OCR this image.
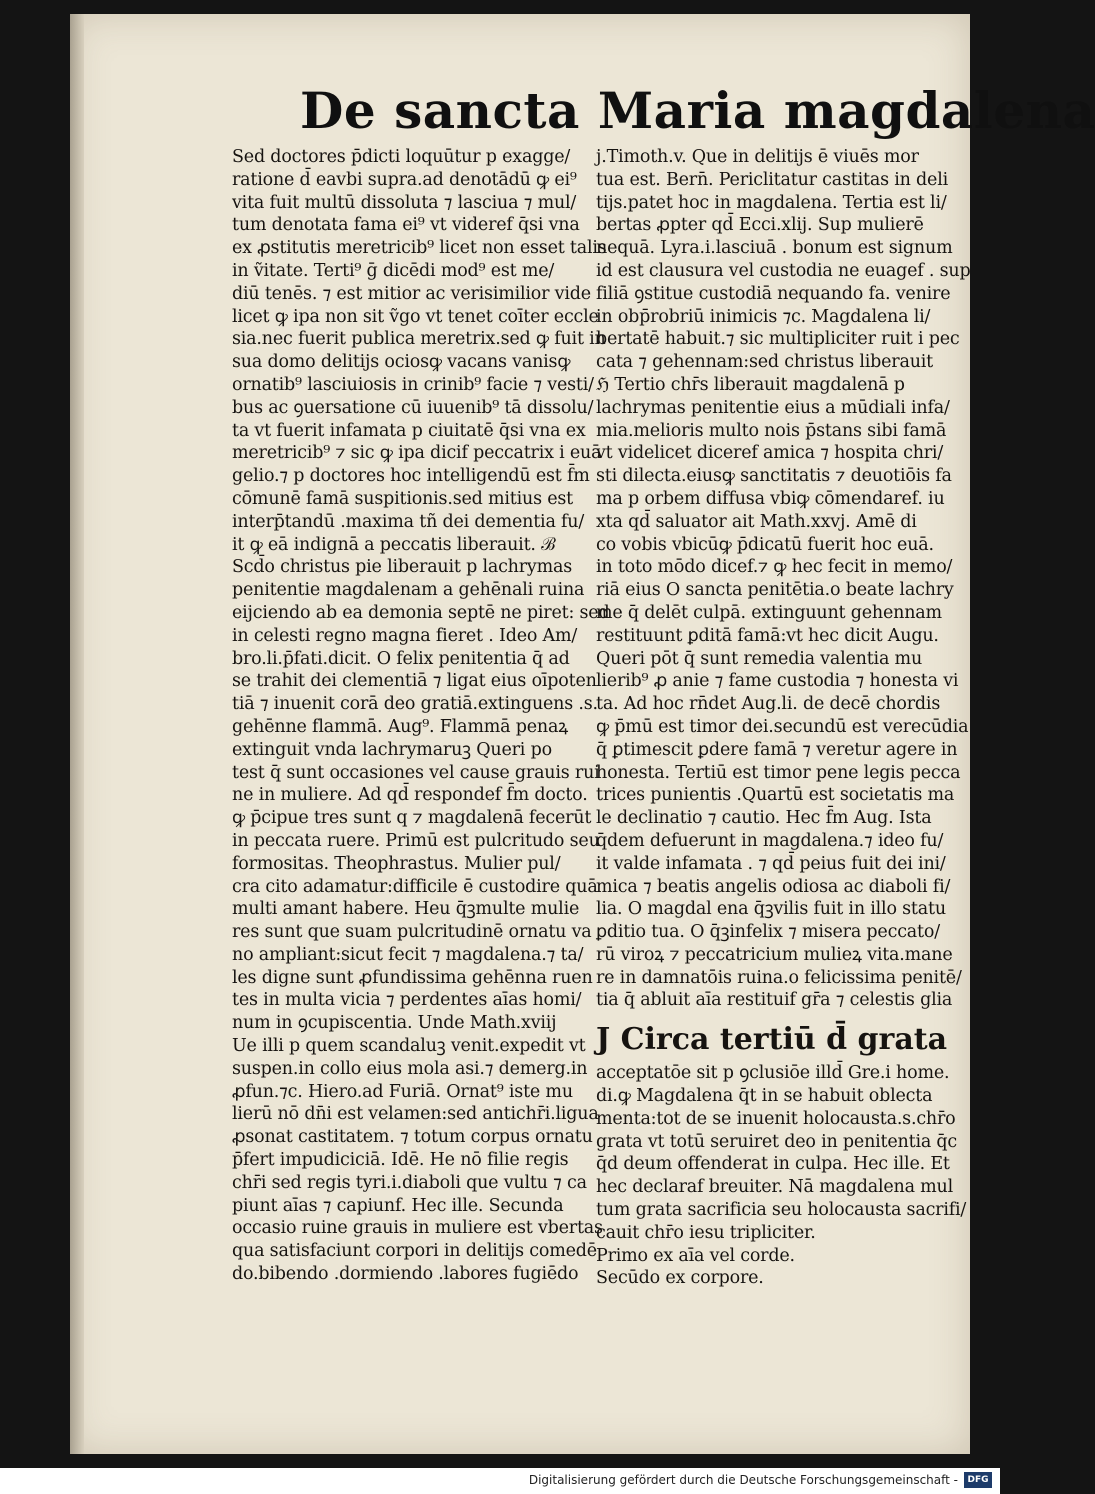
De sancta Maria magdalena
Sed doctores p̄dicti loquūtur p exagge/
ratione d̄ eavbi supra.ad denotādū ꝙ ei⁹
vita fuit multū dissoluta ⁊ lasciua ⁊ mul/
tum denotata fama ei⁹ vt videref q̄si vna
ex ꝓstitutis meretricib⁹ licet non esset talis
in ṽitate. Terti⁹ ḡ dicēdi mod⁹ est me/
diū tenēs. ⁊ est mitior ac verisimilior vide
licet ꝙ ipa non sit ṽgo vt tenet coīter eccle
sia.nec fuerit publica meretrix.sed ꝙ fuit in
sua domo delitijs ociosꝙ vacans vanisꝙ
ornatib⁹ lasciuiosis in crinib⁹ facie ⁊ vesti/
bus ac ꝯuersatione cū iuuenib⁹ tā dissolu/
ta vt fuerit infamata p ciuitatē q̄si vna ex
meretricib⁹ ⁊ sic ꝙ ipa dicif peccatrix i euā
gelio.⁊ p doctores hoc intelligendū est f̄m
cōmunē famā suspitionis.sed mitius est
interp̄tandū .maxima tñ dei dementia fu/
it ꝙ eā indignā a peccatis liberauit. ℬ
Scd̄o christus pie liberauit p lachrymas
penitentie magdalenam a gehēnali ruina
eijciendo ab ea demonia septē ne piret: sed
in celesti regno magna fieret . Ideo Am/
bro.li.p̄fati.dicit. O felix penitentia q̄ ad
se trahit dei clementiā ⁊ ligat eius oīpoten
tiā ⁊ inuenit corā deo gratiā.extinguens .s.
gehēnne flammā. Aug⁹. Flammā penaꝝ
extinguit vnda lachrymaruꝫ Queri po
test q̄ sunt occasiones vel cause grauis rui
ne in muliere. Ad qd̄ respondef f̄m docto.
ꝙ p̄cipue tres sunt q ⁊ magdalenā fecerūt
in peccata ruere. Primū est pulcritudo seu
formositas. Theophrastus. Mulier pul/
cra cito adamatur:difficile ē custodire quā
multi amant habere. Heu q̄ꝫmulte mulie
res sunt que suam pulcritudinē ornatu va
no ampliant:sicut fecit ⁊ magdalena.⁊ ta/
les digne sunt ꝓfundissima gehēnna ruen
tes in multa vicia ⁊ perdentes aīas homi/
num in ꝯcupiscentia. Unde Math.xviij
Ue illi p quem scandaluꝫ venit.expedit vt
suspen.in collo eius mola asi.⁊ demerg.in
ꝓfun.⁊c. Hiero.ad Furiā. Ornat⁹ iste mu
lierū nō dn̄i est velamen:sed antichr̄i.ligua
ꝓsonat castitatem. ⁊ totum corpus ornatu
p̄fert impudiciciā. Idē. He nō filie regis
chr̄i sed regis tyri.i.diaboli que vultu ⁊ ca
piunt aīas ⁊ capiunf. Hec ille. Secunda
occasio ruine grauis in muliere est vbertas
qua satisfaciunt corpori in delitijs comedē
do.bibendo .dormiendo .labores fugiēdo
j.Timoth.v. Que in delitijs ē viuēs mor
tua est. Bern̄. Periclitatur castitas in deli
tijs.patet hoc in magdalena. Tertia est li/
bertas ꝓpter qd̄ Ecci.xlij. Sup mulierē
nequā. Lyra.i.lasciuā . bonum est signum
id est clausura vel custodia ne euagef . sup
filiā ꝯstitue custodiā nequando fa. venire
in obp̄robriū inimicis ⁊c. Magdalena li/
bertatē habuit.⁊ sic multipliciter ruit i pec
cata ⁊ gehennam:sed christus liberauit
ℌ Tertio chr̄s liberauit magdalenā p
lachrymas penitentie eius a mūdiali infa/
mia.melioris multo nois p̄stans sibi famā
vt videlicet diceref amica ⁊ hospita chri/
sti dilecta.eiusꝙ sanctitatis ⁊ deuotiōis fa
ma p orbem diffusa vbiꝙ cōmendaref. iu
xta qd̄ saluator ait Math.xxvj. Amē di
co vobis vbicūꝙ p̄dicatū fuerit hoc euā.
in toto mōdo dicef.⁊ ꝙ hec fecit in memo/
riā eius O sancta penitētia.o beate lachry
me q̄ delēt culpā. extinguunt gehennam
restituunt ꝑditā famā:vt hec dicit Augu.
Queri pōt q̄ sunt remedia valentia mu
lierib⁹ ꝓ anie ⁊ fame custodia ⁊ honesta vi
ta. Ad hoc rn̄det Aug.li. de decē chordis
ꝙ p̄mū est timor dei.secundū est verecūdia
q̄ ꝑtimescit ꝑdere famā ⁊ veretur agere in
honesta. Tertiū est timor pene legis pecca
trices punientis .Quartū est societatis ma
le declinatio ⁊ cautio. Hec f̄m Aug. Ista
q̄dem defuerunt in magdalena.⁊ ideo fu/
it valde infamata . ⁊ qd̄ peius fuit dei ini/
mica ⁊ beatis angelis odiosa ac diaboli fi/
lia. O magdal ena q̄ꝫvilis fuit in illo statu
ꝑditio tua. O q̄ꝫinfelix ⁊ misera peccato/
rū viroꝝ ⁊ peccatricium mulieꝝ vita.mane
re in damnatōis ruina.o felicissima penitē/
tia q̄ abluit aīa restituif gr̄a ⁊ celestis glia
J Circa tertiū d̄ grata
acceptatōe sit p ꝯclusiōe illd̄ Gre.i home.
di.ꝙ Magdalena q̄t in se habuit oblecta
menta:tot de se inuenit holocausta.s.chr̄o
grata vt totū seruiret deo in penitentia q̄c
q̄d deum offenderat in culpa. Hec ille. Et
hec declaraf breuiter. Nā magdalena mul
tum grata sacrificia seu holocausta sacrifi/
cauit chr̄o iesu tripliciter.
Primo ex aīa vel corde.
Secūdo ex corpore.
Digitalisierung gefördert durch die Deutsche Forschungsgemeinschaft -	DFG
